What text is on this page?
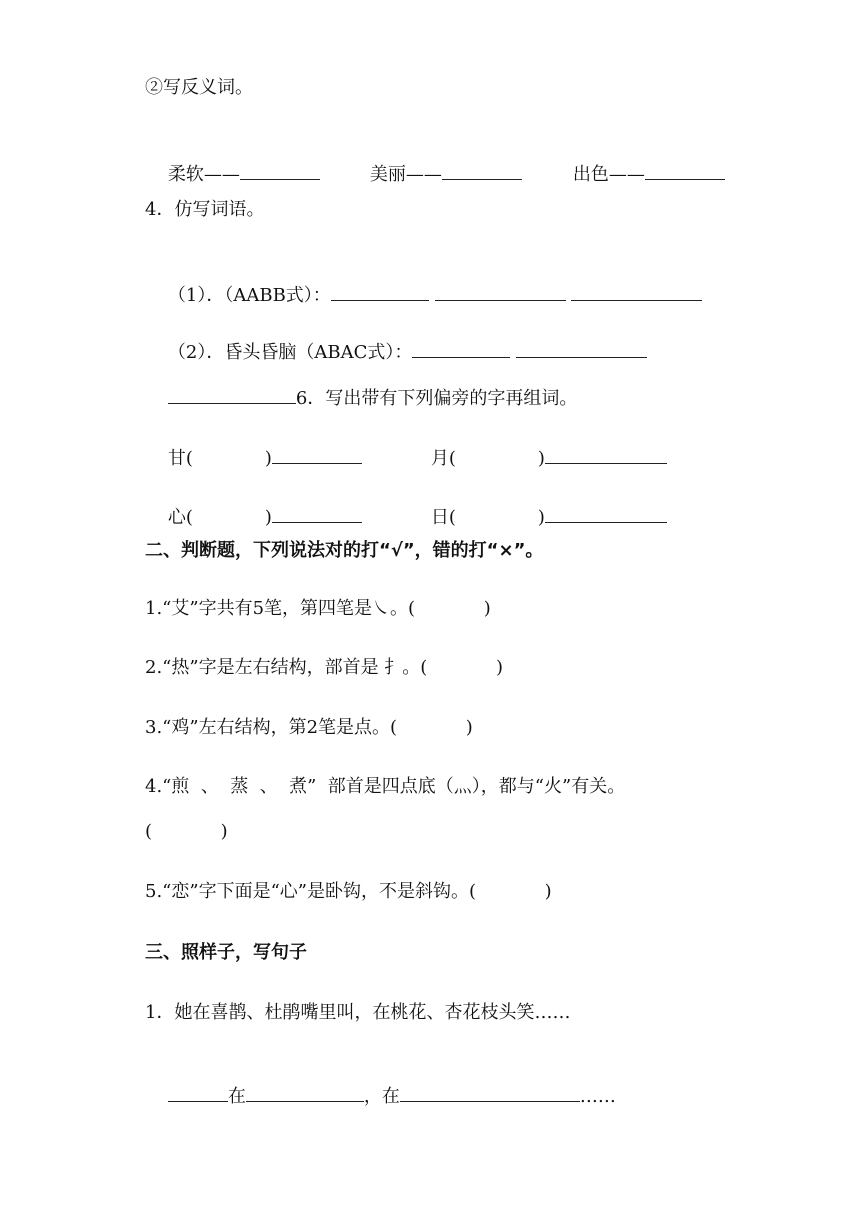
②写反义词。

柔软——
	美丽——
	出色——

4．仿写词语。

（1）．（AABB式）：

（2）．昏头昏脑（ABAC式）：

6．写出带有下列偏旁的字再组词。

甘(	)
	月(	)

心(	)
	日(	)

二、判断题，下列说法对的打“√”，错的打“×”。
1.“艾”字共有5笔，第四笔是㇏。(            )
2.“热”字是左右结构，部首是 扌。(            )
3.“鸡”左右结构，第2笔是点。(            )
4.“煎  、  蒸  、  煮”  部首是四点底（灬），都与“火”有关。
(            )
5.“恋”字下面是“心”是卧钩，不是斜钩。(            )
三、照样子，写句子
1．她在喜鹊、杜鹃嘴里叫，在桃花、杏花枝头笑……

在	，在	……
